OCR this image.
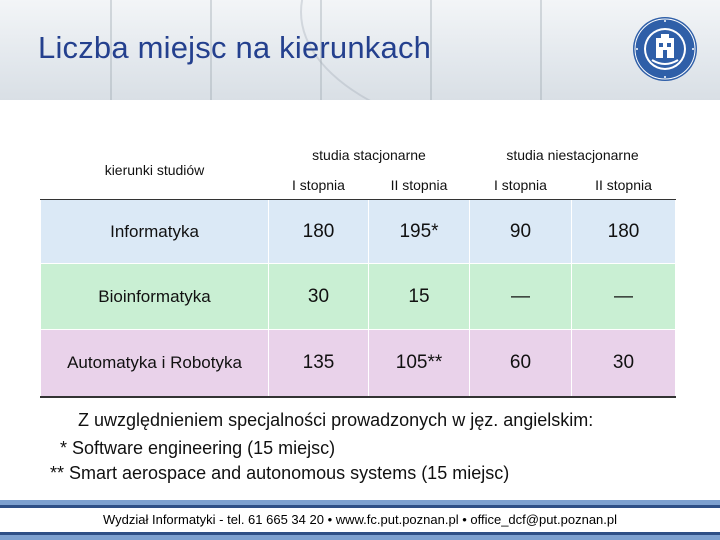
Liczba miejsc na kierunkach
kierunki studiów	studia stacjonarne		studia niestacjonarne	
	I stopnia	II stopnia	I stopnia	II stopnia
Informatyka	180	195*	90	180
Bioinformatyka	30	15	—	—
Automatyka i Robotyka	135	105**	60	30
Z uwzględnieniem specjalności prowadzonych w jęz. angielskim:
* Software engineering (15 miejsc)
** Smart aerospace and autonomous systems (15 miejsc)
Wydział Informatyki - tel. 61 665 34 20 • www.fc.put.poznan.pl • office_dcf@put.poznan.pl
